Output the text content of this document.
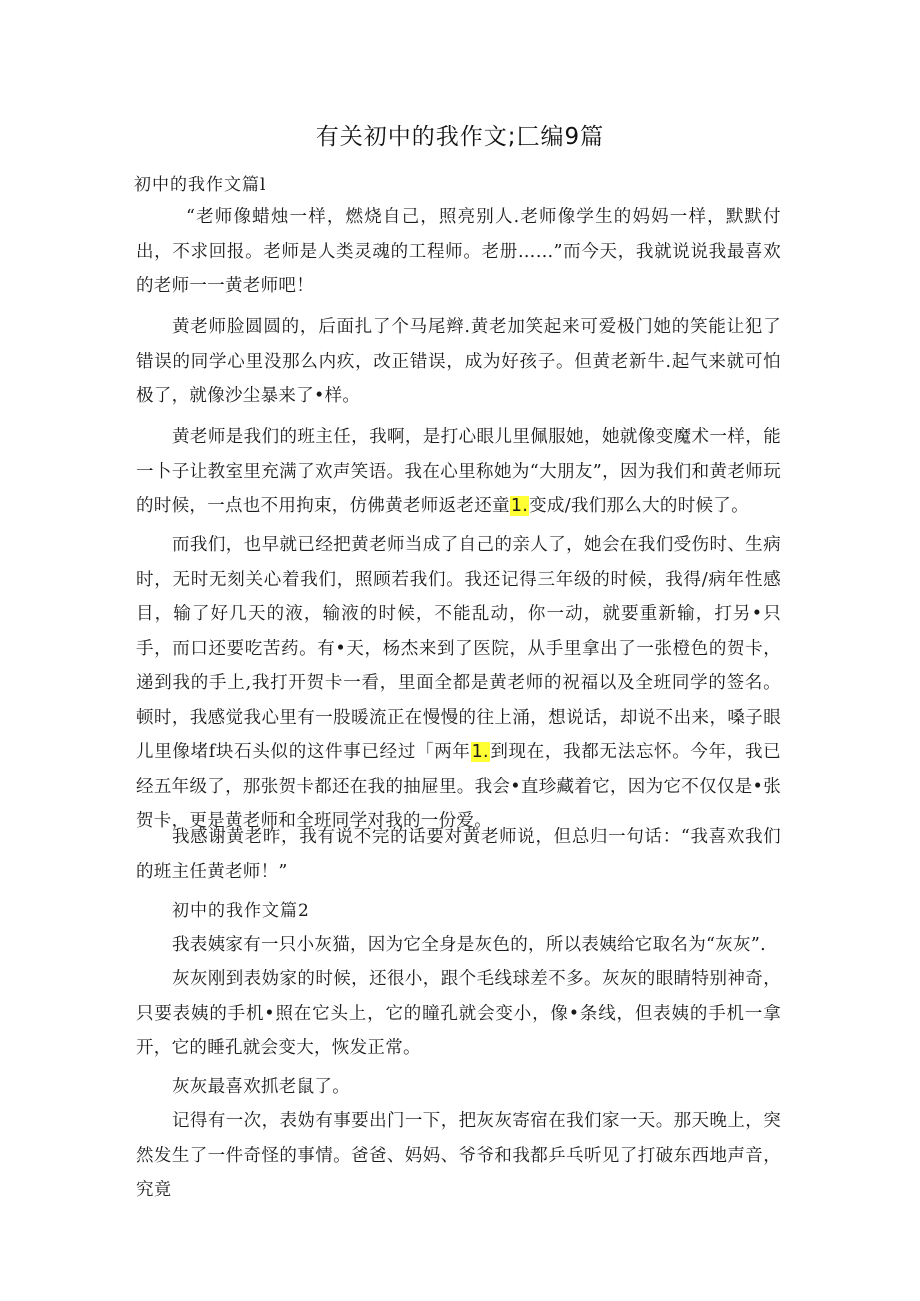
有关初中的我作文;匚编9篇
初中的我作文篇l

“老师像蜡烛一样，燃烧自己，照亮别人.老师像学生的妈妈一样，默默付出，不求回报。老师是人类灵魂的工程师。老册……”而今天，我就说说我最喜欢的老师一一黄老师吧！

黄老师脸圆圆的，后面扎了个马尾辫.黄老加笑起来可爱极门她的笑能让犯了错误的同学心里没那么内疚，改正错误，成为好孩子。但黄老新牛.起气来就可怕极了，就像沙尘暴来了•样。

黄老师是我们的班主任，我啊，是打心眼儿里佩服她，她就像变魔术一样，能一卜子让教室里充满了欢声笑语。我在心里称她为“大朋友”，因为我们和黄老师玩的时候，一点也不用拘束，仿佛黄老师返老还童1.变成/我们那么大的时候了。

而我们，也早就已经把黄老师当成了自己的亲人了，她会在我们受伤时、生病时，无时无刻关心着我们，照顾若我们。我还记得三年级的时候，我得/病年性感目，输了好几天的液，输液的时候，不能乱动，你一动，就要重新输，打另•只手，而口还要吃苦药。有•天，杨杰来到了医院，从手里拿出了一张橙色的贺卡，递到我的手上,我打开贺卡一看，里面全都是黄老师的祝福以及全班同学的签名。顿时，我感觉我心里有一股暖流正在慢慢的往上涌，想说话，却说不出来，嗓子眼儿里像堵f块石头似的这件事已经过「两年1.到现在，我都无法忘怀。今年，我已经五年级了，那张贺卡都还在我的抽屉里。我会•直珍藏着它，因为它不仅仅是•张贺卡，更是黄老师和全班同学对我的一份爱。

我感谢黄老昨，我有说不完的话要对黄老师说，但总归一句话：“我喜欢我们的班主任黄老师！”

初中的我作文篇2

我表姨家有一只小灰猫，因为它全身是灰色的，所以表姨给它取名为“灰灰”.

灰灰刚到表妫家的时候，还很小，跟个毛线球差不多。灰灰的眼睛特别神奇，只要表姨的手机•照在它头上，它的瞳孔就会变小，像•条线，但表姨的手机一拿开，它的睡孔就会变大，恢发正常。

灰灰最喜欢抓老鼠了。

记得有一次，表妫有事要出门一下，把灰灰寄宿在我们家一天。那天晚上，突然发生了一件奇怪的事情。爸爸、妈妈、爷爷和我都乒乓听见了打破东西地声音，究竟
